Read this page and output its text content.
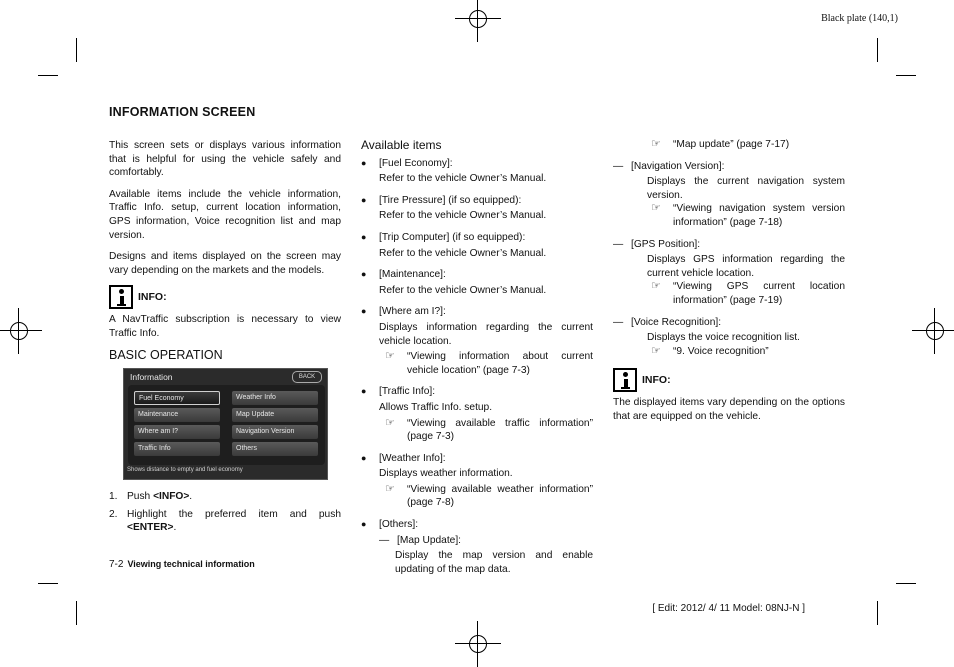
Black plate (140,1)
INFORMATION SCREEN

This screen sets or displays various information that is helpful for using the vehicle safely and comfortably.

Available items include the vehicle information, Traffic Info. setup, current location information, GPS information, Voice recognition list and map version.

Designs and items displayed on the screen may vary depending on the markets and the models.

INFO:

A NavTraffic subscription is necessary to view Traffic Info.

BASIC OPERATION
Information	BACK
Fuel Economy
Maintenance
Where am I?
Traffic Info
Weather Info
Map Update
Navigation Version
Others
Shows distance to empty and fuel economy
1. Push <INFO>.
2. Highlight the preferred item and push <ENTER>.
Available items
●	[Fuel Economy]:
Refer to the vehicle Owner’s Manual.
●	[Tire Pressure] (if so equipped):
Refer to the vehicle Owner’s Manual.
●	[Trip Computer] (if so equipped):
Refer to the vehicle Owner’s Manual.
●	[Maintenance]:
Refer to the vehicle Owner’s Manual.
●	[Where am I?]:
Displays information regarding the current vehicle location.
☞	“Viewing information about current vehicle location” (page 7-3)
●	[Traffic Info]:
Allows Traffic Info. setup.
☞	“Viewing available traffic information” (page 7-3)
●	[Weather Info]:
Displays weather information.
☞	“Viewing available weather information” (page 7-8)
●	[Others]:
— [Map Update]:
Display the map version and enable updating of the map data.
☞	“Map update” (page 7-17)
— [Navigation Version]:
Displays the current navigation system version.
☞	“Viewing navigation system version information” (page 7-18)
— [GPS Position]:
Displays GPS information regarding the current vehicle location.
☞	“Viewing GPS current location information” (page 7-19)
— [Voice Recognition]:
Displays the voice recognition list.
☞	“9. Voice recognition”
INFO:

The displayed items vary depending on the options that are equipped on the vehicle.

7-2 Viewing technical information
[ Edit: 2012/ 4/ 11 Model: 08NJ-N ]
